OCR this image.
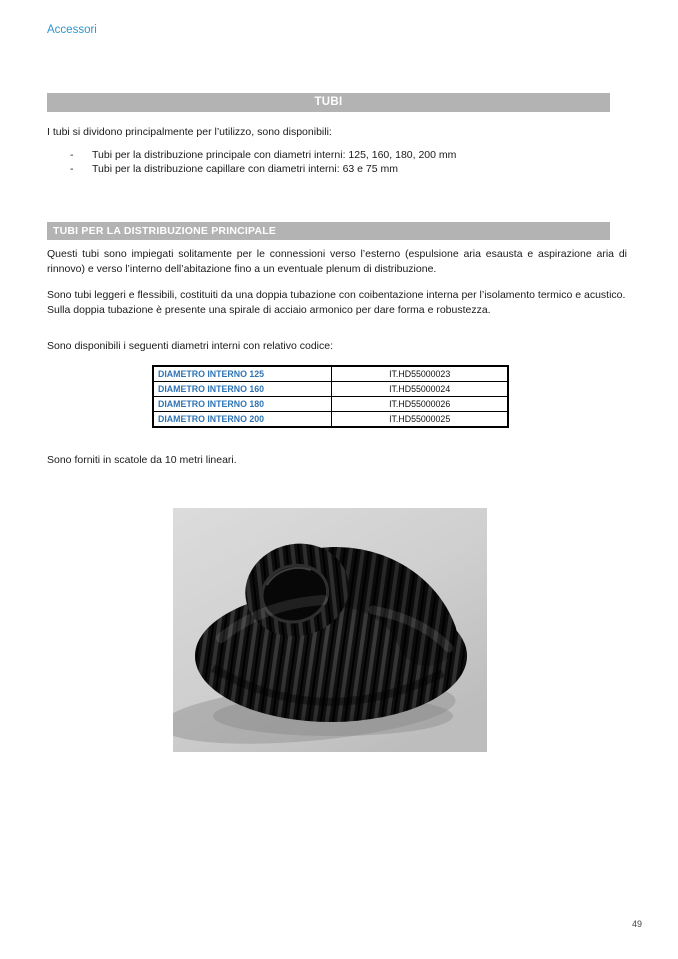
Accessori
TUBI
I tubi si dividono principalmente per l’utilizzo, sono disponibili:
-	Tubi per la distribuzione principale con diametri interni: 125, 160, 180, 200 mm
-	Tubi per la distribuzione capillare con diametri interni: 63 e 75 mm
TUBI PER LA DISTRIBUZIONE PRINCIPALE
Questi tubi sono impiegati solitamente per le connessioni verso l’esterno (espulsione aria esausta e aspirazione aria di rinnovo) e verso l’interno dell’abitazione fino a un eventuale plenum di distribuzione.
Sono tubi leggeri e flessibili, costituiti da una doppia tubazione con coibentazione interna per l’isolamento termico e acustico.
Sulla doppia tubazione è presente una spirale di acciaio armonico per dare forma e robustezza.
Sono disponibili i seguenti diametri interni con relativo codice:
DIAMETRO INTERNO 125	IT.HD55000023
DIAMETRO INTERNO 160	IT.HD55000024
DIAMETRO INTERNO 180	IT.HD55000026
DIAMETRO INTERNO 200	IT.HD55000025
Sono forniti in scatole da 10 metri lineari.
49
